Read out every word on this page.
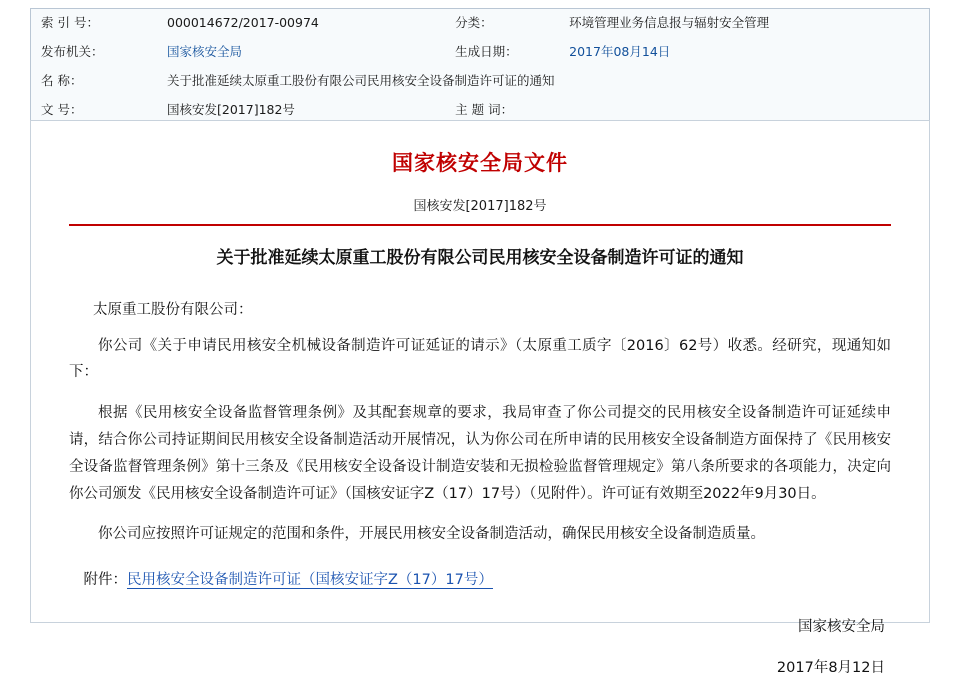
索 引 号：	000014672/2017-00974	分类：	环境管理业务信息报与辐射安全管理
发布机关：	国家核安全局	生成日期：	2017年08月14日
名 称：	关于批准延续太原重工股份有限公司民用核安全设备制造许可证的通知		
文 号：	国核安发[2017]182号	主 题 词：	
国家核安全局文件
国核安发[2017]182号
关于批准延续太原重工股份有限公司民用核安全设备制造许可证的通知
太原重工股份有限公司：

你公司《关于申请民用核安全机械设备制造许可证延证的请示》（太原重工质字〔2016〕62号）收悉。经研究，现通知如下：

根据《民用核安全设备监督管理条例》及其配套规章的要求，我局审查了你公司提交的民用核安全设备制造许可证延续申请，结合你公司持证期间民用核安全设备制造活动开展情况，认为你公司在所申请的民用核安全设备制造方面保持了《民用核安全设备监督管理条例》第十三条及《民用核安全设备设计制造安装和无损检验监督管理规定》第八条所要求的各项能力，决定向你公司颁发《民用核安全设备制造许可证》（国核安证字Z（17）17号）（见附件）。许可证有效期至2022年9月30日。

你公司应按照许可证规定的范围和条件，开展民用核安全设备制造活动，确保民用核安全设备制造质量。

附件：民用核安全设备制造许可证（国核安证字Z（17）17号）
国家核安全局
2017年8月12日
